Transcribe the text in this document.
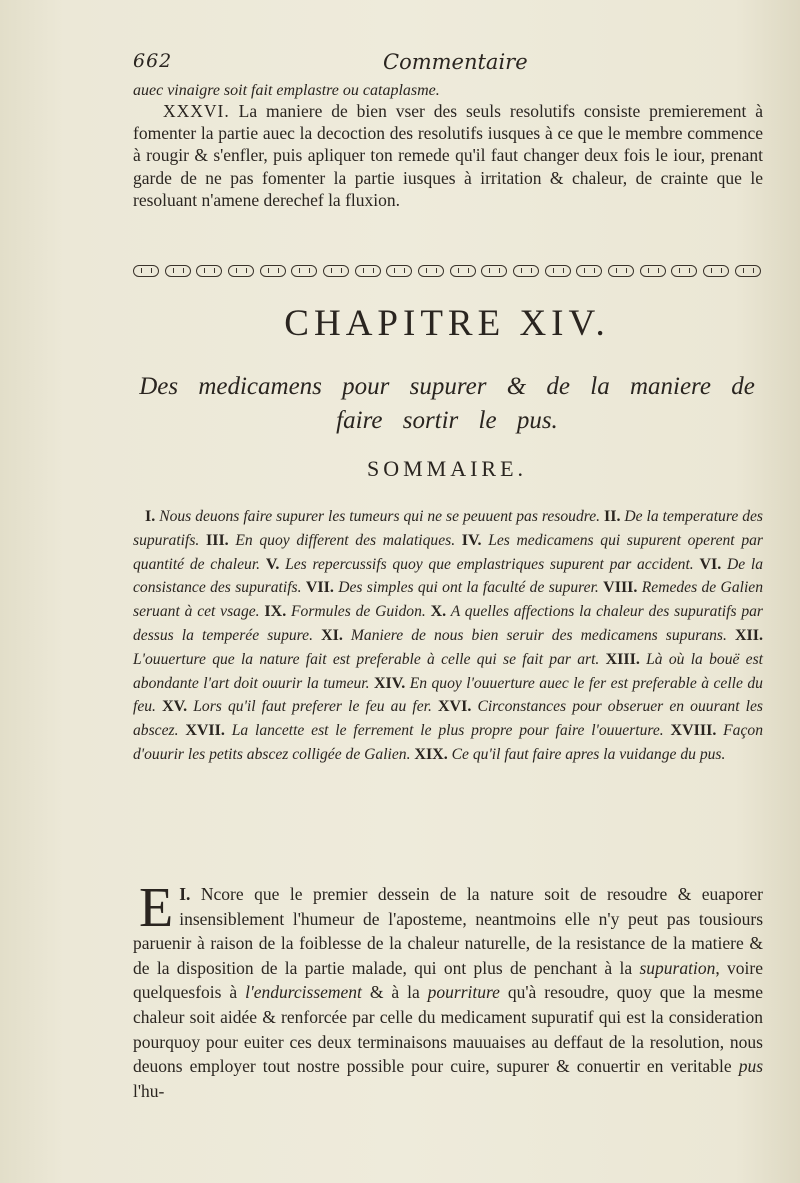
662	Commentaire
auec vinaigre soit fait emplastre ou cataplasme.
XXXVI. La maniere de bien vser des seuls resolutifs consiste premierement à fomenter la partie auec la decoction des resolutifs iusques à ce que le membre commence à rougir & s'enfler, puis apliquer ton remede qu'il faut changer deux fois le iour, prenant garde de ne pas fomenter la partie iusques à irritation & chaleur, de crainte que le resoluant n'amene derechef la fluxion.
CHAPITRE XIV.
Des medicamens pour supurer & de la maniere de faire sortir le pus.
SOMMAIRE.
I. Nous deuons faire supurer les tumeurs qui ne se peuuent pas resoudre. II. De la temperature des supuratifs. III. En quoy different des malatiques. IV. Les medicamens qui supurent operent par quantité de chaleur. V. Les repercussifs quoy que emplastriques supurent par accident. VI. De la consistance des supuratifs. VII. Des simples qui ont la faculté de supurer. VIII. Remedes de Galien seruant à cet vsage. IX. Formules de Guidon. X. A quelles affections la chaleur des supuratifs par dessus la temperée supure. XI. Maniere de nous bien seruir des medicamens supurans. XII. L'ouuerture que la nature fait est preferable à celle qui se fait par art. XIII. Là où la bouë est abondante l'art doit ouurir la tumeur. XIV. En quoy l'ouuerture auec le fer est preferable à celle du feu. XV. Lors qu'il faut preferer le feu au fer. XVI. Circonstances pour obseruer en ouurant les abscez. XVII. La lancette est le ferrement le plus propre pour faire l'ouuerture. XVIII. Façon d'ouurir les petits abscez colligée de Galien. XIX. Ce qu'il faut faire apres la vuidange du pus.
I.
E Ncore que le premier dessein de la nature soit de resoudre & euaporer insensiblement l'humeur de l'aposteme, neantmoins elle n'y peut pas tousiours paruenir à raison de la foiblesse de la chaleur naturelle, de la resistance de la matiere & de la disposition de la partie malade, qui ont plus de penchant à la supuration, voire quelquesfois à l'endurcissement & à la pourriture qu'à resoudre, quoy que la mesme chaleur soit aidée & renforcée par celle du medicament supuratif qui est la consideration pourquoy pour euiter ces deux terminaisons mauuaises au deffaut de la resolution, nous deuons employer tout nostre possible pour cuire, supurer & conuertir en veritable pus l'hu-
